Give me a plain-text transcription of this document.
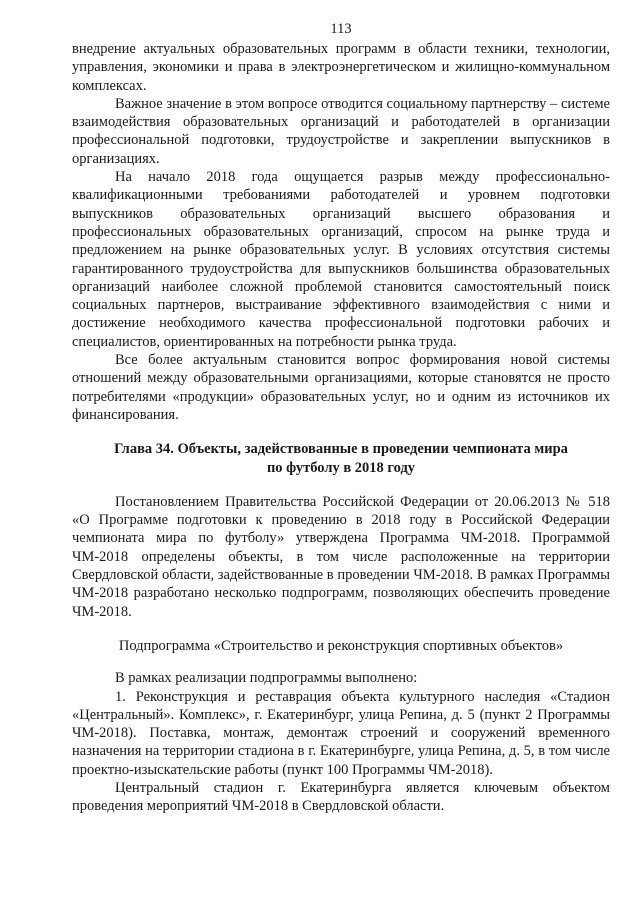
113

внедрение актуальных образовательных программ в области техники, технологии, управления, экономики и права в электроэнергетическом и жилищно-коммунальном комплексах.

Важное значение в этом вопросе отводится социальному партнерству – системе взаимодействия образовательных организаций и работодателей в организации профессиональной подготовки, трудоустройстве и закреплении выпускников в организациях.

На начало 2018 года ощущается разрыв между профессионально-квалификационными требованиями работодателей и уровнем подготовки выпускников образовательных организаций высшего образования и профессиональных образовательных организаций, спросом на рынке труда и предложением на рынке образовательных услуг. В условиях отсутствия системы гарантированного трудоустройства для выпускников большинства образовательных организаций наиболее сложной проблемой становится самостоятельный поиск социальных партнеров, выстраивание эффективного взаимодействия с ними и достижение необходимого качества профессиональной подготовки рабочих и специалистов, ориентированных на потребности рынка труда.

Все более актуальным становится вопрос формирования новой системы отношений между образовательными организациями, которые становятся не просто потребителями «продукции» образовательных услуг, но и одним из источников их финансирования.

Глава 34. Объекты, задействованные в проведении чемпионата мира
по футболу в 2018 году

Постановлением Правительства Российской Федерации от 20.06.2013 № 518 «О Программе подготовки к проведению в 2018 году в Российской Федерации чемпионата мира по футболу» утверждена Программа ЧМ-2018. Программой ЧМ-2018 определены объекты, в том числе расположенные на территории Свердловской области, задействованные в проведении ЧМ-2018. В рамках Программы ЧМ-2018 разработано несколько подпрограмм, позволяющих обеспечить проведение ЧМ-2018.

Подпрограмма «Строительство и реконструкция спортивных объектов»

В рамках реализации подпрограммы выполнено:

1. Реконструкция и реставрация объекта культурного наследия «Стадион «Центральный». Комплекс», г. Екатеринбург, улица Репина, д. 5 (пункт 2 Программы ЧМ-2018). Поставка, монтаж, демонтаж строений и сооружений временного назначения на территории стадиона в г. Екатеринбурге, улица Репина, д. 5, в том числе проектно-изыскательские работы (пункт 100 Программы ЧМ-2018).

Центральный стадион г. Екатеринбурга является ключевым объектом проведения мероприятий ЧМ-2018 в Свердловской области.
